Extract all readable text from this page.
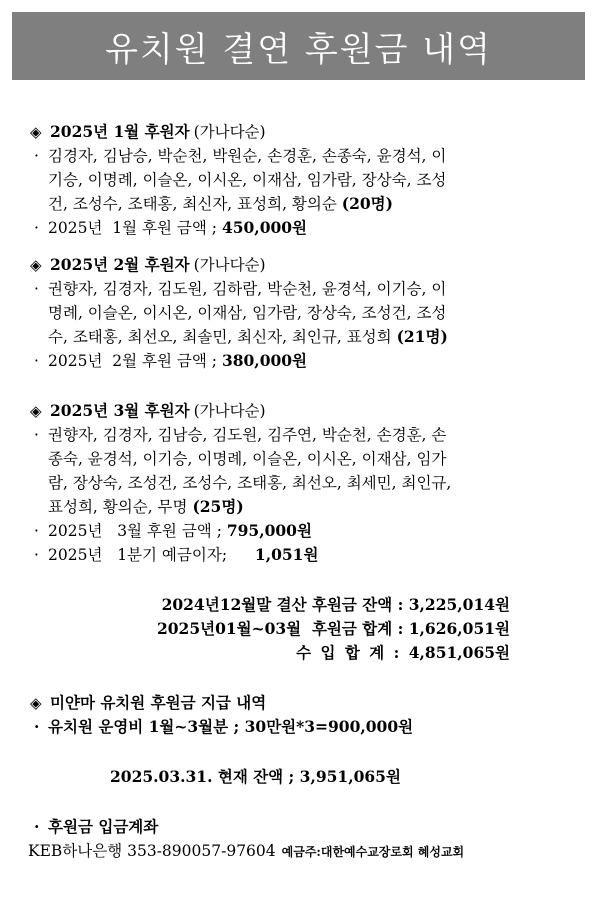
유치원 결연 후원금 내역
◈ 2025년 1월 후원자 (가나다순)
· 김경자, 김남승, 박순천, 박원순, 손경훈, 손종숙, 윤경석, 이
기승, 이명례, 이슬온, 이시온, 이재삼, 임가람, 장상숙, 조성
건, 조성수, 조태홍, 최신자, 표성희, 황의순 (20명)
· 2025년  1월 후원 금액 ; 450,000원
◈ 2025년 2월 후원자 (가나다순)
· 권향자, 김경자, 김도원, 김하람, 박순천, 윤경석, 이기승, 이
명례, 이슬온, 이시온, 이재삼, 임가람, 장상숙, 조성건, 조성
수, 조태홍, 최선오, 최솔민, 최신자, 최인규, 표성희 (21명)
· 2025년  2월 후원 금액 ; 380,000원
◈ 2025년 3월 후원자 (가나다순)
· 권향자, 김경자, 김남승, 김도원, 김주연, 박순천, 손경훈, 손
종숙, 윤경석, 이기승, 이명례, 이슬온, 이시온, 이재삼, 임가
람, 장상숙, 조성건, 조성수, 조태홍, 최선오, 최세민, 최인규,
표성희, 황의순, 무명 (25명)
· 2025년   3월 후원 금액 ; 795,000원
· 2025년   1분기 예금이자;  1,051원
2024년12월말 결산 후원금 잔액 : 3,225,014원
2025년01월~03월  후원금 합계 : 1,626,051원
수 입 합 계 : 4,851,065원
◈ 미얀마 유치원 후원금 지급 내역
· 유치원 운영비 1월~3월분 ; 30만원*3=900,000원
2025.03.31. 현재 잔액 ; 3,951,065원
· 후원금 입금계좌
KEB하나은행 353-890057-97604 예금주:대한예수교장로회 혜성교회
